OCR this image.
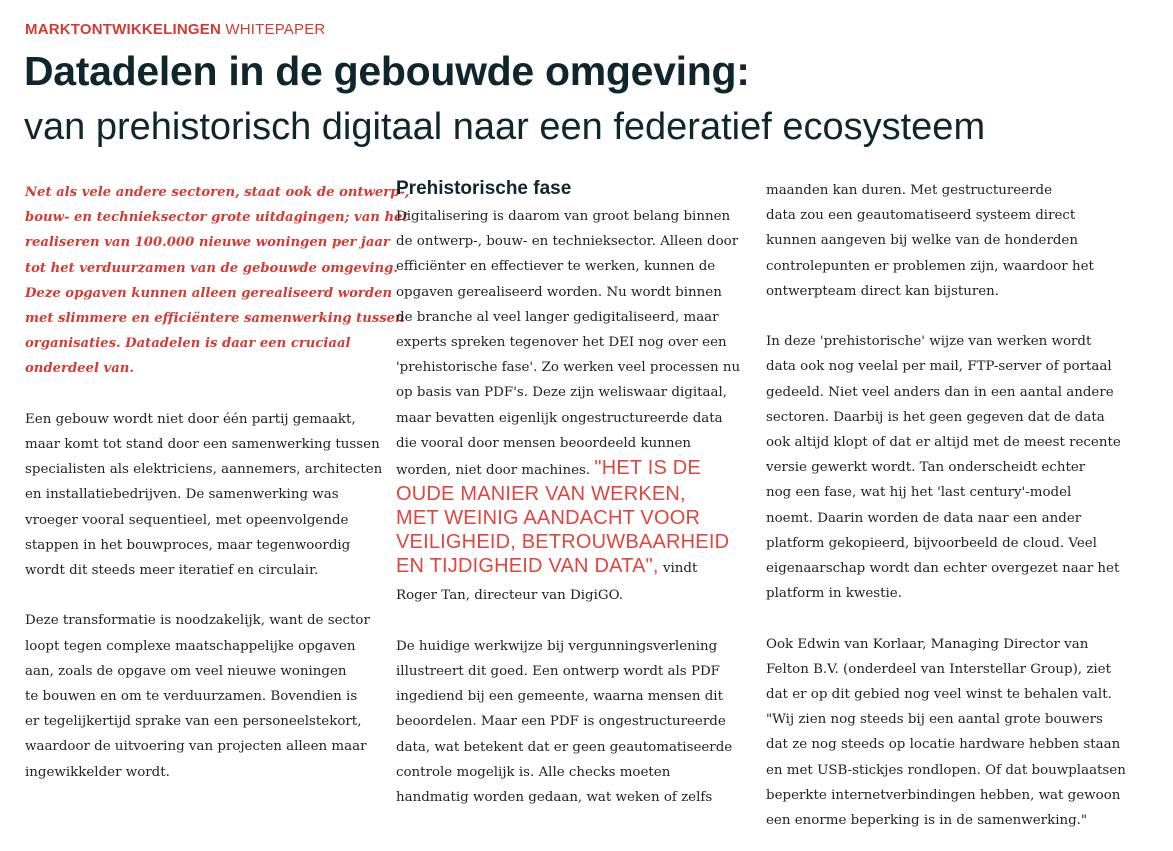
MARKTONTWIKKELINGEN WHITEPAPER
Datadelen in de gebouwde omgeving:
van prehistorisch digitaal naar een federatief ecosysteem
Net als vele andere sectoren, staat ook de ontwerp-,
bouw- en technieksector grote uitdagingen; van het
realiseren van 100.000 nieuwe woningen per jaar
tot het verduurzamen van de gebouwde omgeving.
Deze opgaven kunnen alleen gerealiseerd worden
met slimmere en efficiëntere samenwerking tussen
organisaties. Datadelen is daar een cruciaal
onderdeel van.
Een gebouw wordt niet door één partij gemaakt,
maar komt tot stand door een samenwerking tussen
specialisten als elektriciens, aannemers, architecten
en installatiebedrijven. De samenwerking was
vroeger vooral sequentieel, met opeenvolgende
stappen in het bouwproces, maar tegenwoordig
wordt dit steeds meer iteratief en circulair.
Deze transformatie is noodzakelijk, want de sector
loopt tegen complexe maatschappelijke opgaven
aan, zoals de opgave om veel nieuwe woningen
te bouwen en om te verduurzamen. Bovendien is
er tegelijkertijd sprake van een personeelstekort,
waardoor de uitvoering van projecten alleen maar
ingewikkelder wordt.
Prehistorische fase
Digitalisering is daarom van groot belang binnen
de ontwerp-, bouw- en technieksector. Alleen door
efficiënter en effectiever te werken, kunnen de
opgaven gerealiseerd worden. Nu wordt binnen
de branche al veel langer gedigitaliseerd, maar
experts spreken tegenover het DEI nog over een
'prehistorische fase'. Zo werken veel processen nu
op basis van PDF's. Deze zijn weliswaar digitaal,
maar bevatten eigenlijk ongestructureerde data
die vooral door mensen beoordeeld kunnen
worden, niet door machines. "HET IS DE
OUDE MANIER VAN WERKEN,
MET WEINIG AANDACHT VOOR
VEILIGHEID, BETROUWBAARHEID
EN TIJDIGHEID VAN DATA", vindt
Roger Tan, directeur van DigiGO.
De huidige werkwijze bij vergunningsverlening
illustreert dit goed. Een ontwerp wordt als PDF
ingediend bij een gemeente, waarna mensen dit
beoordelen. Maar een PDF is ongestructureerde
data, wat betekent dat er geen geautomatiseerde
controle mogelijk is. Alle checks moeten
handmatig worden gedaan, wat weken of zelfs
maanden kan duren. Met gestructureerde
data zou een geautomatiseerd systeem direct
kunnen aangeven bij welke van de honderden
controlepunten er problemen zijn, waardoor het
ontwerpteam direct kan bijsturen.
In deze 'prehistorische' wijze van werken wordt
data ook nog veelal per mail, FTP-server of portaal
gedeeld. Niet veel anders dan in een aantal andere
sectoren. Daarbij is het geen gegeven dat de data
ook altijd klopt of dat er altijd met de meest recente
versie gewerkt wordt. Tan onderscheidt echter
nog een fase, wat hij het 'last century'-model
noemt. Daarin worden de data naar een ander
platform gekopieerd, bijvoorbeeld de cloud. Veel
eigenaarschap wordt dan echter overgezet naar het
platform in kwestie.
Ook Edwin van Korlaar, Managing Director van
Felton B.V. (onderdeel van Interstellar Group), ziet
dat er op dit gebied nog veel winst te behalen valt.
"Wij zien nog steeds bij een aantal grote bouwers
dat ze nog steeds op locatie hardware hebben staan
en met USB-stickjes rondlopen. Of dat bouwplaatsen
beperkte internetverbindingen hebben, wat gewoon
een enorme beperking is in de samenwerking."
